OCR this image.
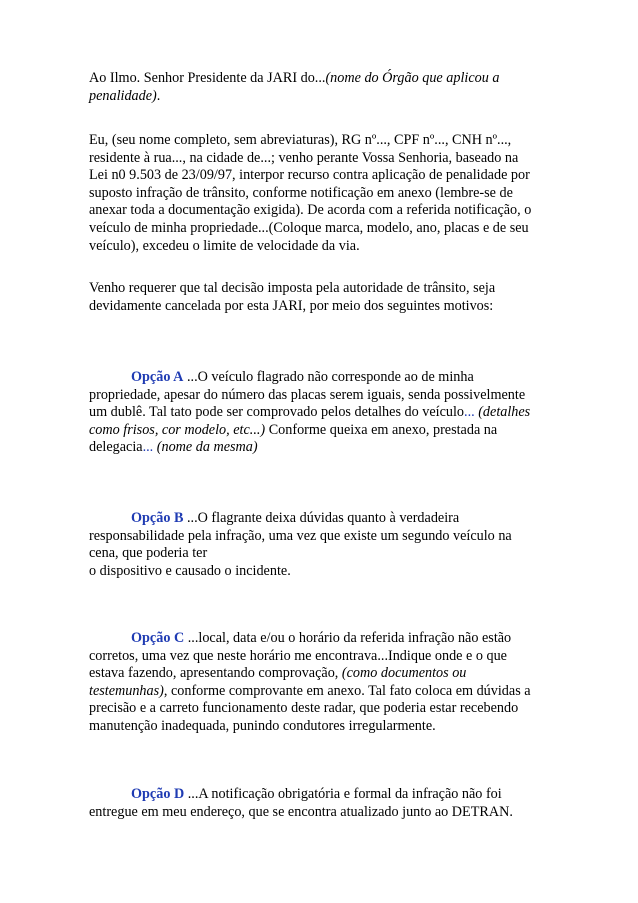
Ao Ilmo. Senhor Presidente da JARI do...(nome do Órgão que aplicou a
penalidade).

Eu, (seu nome completo, sem abreviaturas), RG nº..., CPF nº..., CNH nº...,
residente à rua..., na cidade de...; venho perante Vossa Senhoria, baseado na
Lei n0 9.503 de 23/09/97, interpor recurso contra aplicação de penalidade por
suposto infração de trânsito, conforme notificação em anexo (lembre-se de
anexar toda a documentação exigida). De acorda com a referida notificação, o
veículo de minha propriedade...(Coloque marca, modelo, ano, placas e de seu
veículo), excedeu o limite de velocidade da via.

Venho requerer que tal decisão imposta pela autoridade de trânsito, seja
devidamente cancelada por esta JARI, por meio dos seguintes motivos:

Opção A ...O veículo flagrado não corresponde ao de minha
propriedade, apesar do número das placas serem iguais, senda possivelmente
um dublê. Tal tato pode ser comprovado pelos detalhes do veículo... (detalhes
como frisos, cor modelo, etc...) Conforme queixa em anexo, prestada na
delegacia... (nome da mesma)

Opção B ...O flagrante deixa dúvidas quanto à verdadeira
responsabilidade pela infração, uma vez que existe um segundo veículo na
cena, que poderia ter
o dispositivo e causado o incidente.

Opção C ...local, data e/ou o horário da referida infração não estão
corretos, uma vez que neste horário me encontrava...Indique onde e o que
estava fazendo, apresentando comprovação, (como documentos ou
testemunhas), conforme comprovante em anexo. Tal fato coloca em dúvidas a
precisão e a carreto funcionamento deste radar, que poderia estar recebendo
manutenção inadequada, punindo condutores irregularmente.

Opção D ...A notificação obrigatória e formal da infração não foi
entregue em meu endereço, que se encontra atualizado junto ao DETRAN.
